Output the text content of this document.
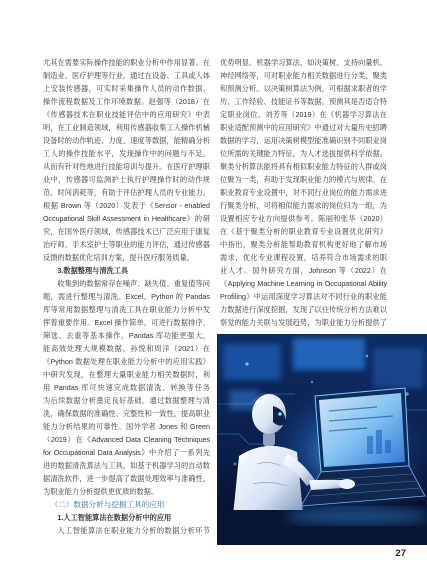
尤其在需要实际操作技能的职业分析中作用显著。在
制造业、医疗护理等行业，通过在设备、工具或人体
上安装传感器，可实时采集操作人员的动作数据、
操作流程数据及工作环境数据。赵强等（2018）在
《传感器技术在职业技能评估中的应用研究》中表
明，在工业制造领域，利用传感器收集工人操作机械
设备时的动作轨迹、力度、速度等数据，能精确分析
工人的操作技能水平，发现操作中的问题与不足，
从而有针对性地进行技能培训与提升。在医疗护理职
业中，传感器可监测护士执行护理操作时的动作规
范、时间消耗等，有助于评估护理人员的专业能力。
根据 Brown 等（2020）发表于《Sensor - enabled
Occupational Skill Assessment in Healthcare》的研
究，在国外医疗领域，传感器技术已广泛应用于康复
治疗师、手术室护士等职业的能力评估，通过传感器
反馈的数据优化培训方案，提升医疗服务质量。
3.数据整理与清洗工具
收集到的数据常存在噪声、缺失值、重复值等问
题，需进行整理与清洗。Excel、Python 的 Pandas
库等常用数据整理与清洗工具在职业能力分析中发
挥着重要作用。Excel 操作简单，可进行数据排序、
筛选、去重等基本操作。Pandas 库功能更强大，
能高效处理大规模数据。孙悦和周洋（2021）在
《Python 数据处理在职业能力分析中的应用实践》
中研究发现，在整理大量职业能力相关数据时，利
用 Pandas 库可快速完成数据清洗、转换等任务
为后续数据分析奠定良好基础。通过数据整理与清
洗，确保数据的准确性、完整性和一致性，提高职业
能力分析结果的可靠性。国外学者 Jones 和 Green
（2019）在《Advanced Data Cleaning Techniques
for Occupational Data Analysis》中介绍了一系列先
进的数据清洗算法与工具，如基于机器学习的自动数
据清洗软件，进一步提高了数据处理效率与准确性，
为职业能力分析提供更优质的数据。
（二）数据分析与挖掘工具的应用
1.人工智能算法在数据分析中的应用
人工智能算法在职业能力分析的数据分析环节
优势明显。机器学习算法，如决策树、支持向量机、
神经网络等，可对职业能力相关数据进行分类、聚类
和预测分析。以决策树算法为例，可根据求职者的学
历、工作经验、技能证书等数据，预测其是否适合特
定职业岗位。刘芳等（2019）在《机器学习算法在
职业适配预测中的应用研究》中通过对大量历史招聘
数据的学习，运用决策树模型能准确识别不同职业岗
位所需的关键能力特征，为人才选拔提供科学依据。
聚类分析算法能将具有相似职业能力特征的人群或岗
位聚为一类，有助于发现职业能力的模式与规律。在
职业教育专业设置中，对不同行业岗位的能力需求进
行聚类分析，可将相似能力需求的岗位归为一组，为
设置相应专业方向提供参考。陈丽和张华（2020）
在《基于聚类分析的职业教育专业设置优化研究》
中指出，聚类分析能帮助教育机构更好地了解市场
需求，优化专业课程设置，培养符合市场需求的职
业人才。国外研究方面，Johnson 等（2022）在
《Applying Machine Learning in Occupational Ability
Profiling》中运用深度学习算法对不同行业的职业能
力数据进行深度挖掘，发现了以往传统分析方法难以
察觉的能力关联与发展趋势，为职业能力分析提供了
27
